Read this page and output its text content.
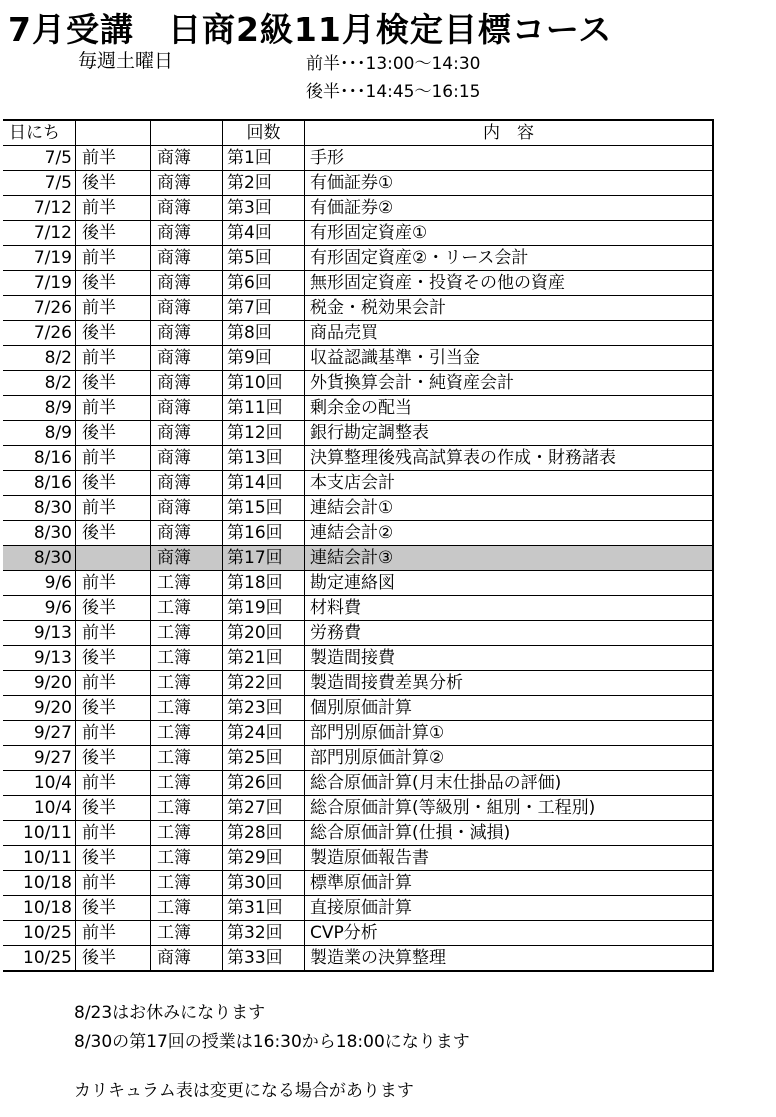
7月受講　日商2級11月検定目標コース
毎週土曜日	前半･･･13:00～14:30
後半･･･14:45～16:15
日にち			回数	内　容
7/5	前半	商簿	第1回	手形
7/5	後半	商簿	第2回	有価証券①
7/12	前半	商簿	第3回	有価証券②
7/12	後半	商簿	第4回	有形固定資産①
7/19	前半	商簿	第5回	有形固定資産②・リース会計
7/19	後半	商簿	第6回	無形固定資産・投資その他の資産
7/26	前半	商簿	第7回	税金・税効果会計
7/26	後半	商簿	第8回	商品売買
8/2	前半	商簿	第9回	収益認識基準・引当金
8/2	後半	商簿	第10回	外貨換算会計・純資産会計
8/9	前半	商簿	第11回	剰余金の配当
8/9	後半	商簿	第12回	銀行勘定調整表
8/16	前半	商簿	第13回	決算整理後残高試算表の作成・財務諸表
8/16	後半	商簿	第14回	本支店会計
8/30	前半	商簿	第15回	連結会計①
8/30	後半	商簿	第16回	連結会計②
8/30		商簿	第17回	連結会計③
9/6	前半	工簿	第18回	勘定連絡図
9/6	後半	工簿	第19回	材料費
9/13	前半	工簿	第20回	労務費
9/13	後半	工簿	第21回	製造間接費
9/20	前半	工簿	第22回	製造間接費差異分析
9/20	後半	工簿	第23回	個別原価計算
9/27	前半	工簿	第24回	部門別原価計算①
9/27	後半	工簿	第25回	部門別原価計算②
10/4	前半	工簿	第26回	総合原価計算(月末仕掛品の評価)
10/4	後半	工簿	第27回	総合原価計算(等級別・組別・工程別)
10/11	前半	工簿	第28回	総合原価計算(仕損・減損)
10/11	後半	工簿	第29回	製造原価報告書
10/18	前半	工簿	第30回	標準原価計算
10/18	後半	工簿	第31回	直接原価計算
10/25	前半	工簿	第32回	CVP分析
10/25	後半	商簿	第33回	製造業の決算整理
8/23はお休みになります
8/30の第17回の授業は16:30から18:00になります
カリキュラム表は変更になる場合があります
